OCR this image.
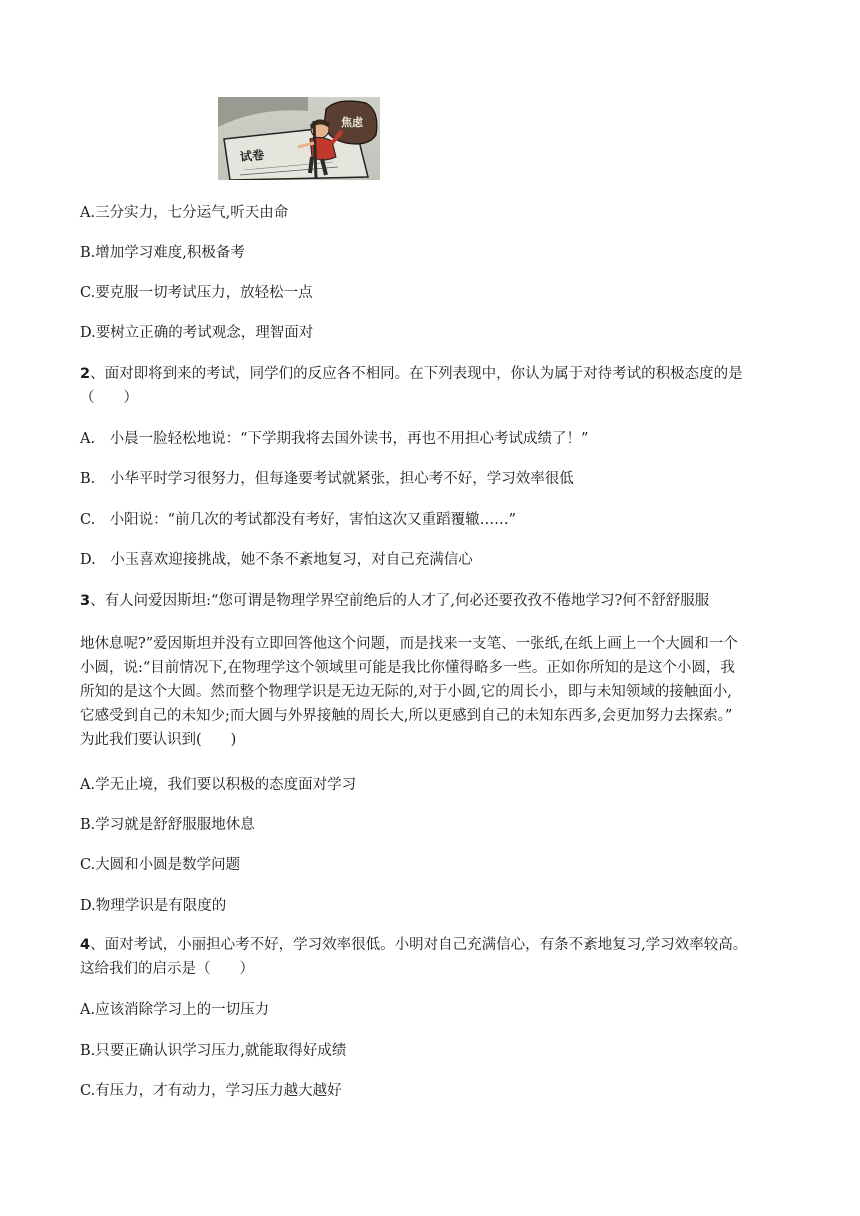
试卷
焦虑
A.三分实力，七分运气,听天由命
B.增加学习难度,积极备考
C.要克服一切考试压力，放轻松一点
D.要树立正确的考试观念，理智面对
2、面对即将到来的考试，同学们的反应各不相同。在下列表现中，你认为属于对待考试的积极态度的是
（　　）
A.　小晨一脸轻松地说：“下学期我将去国外读书，再也不用担心考试成绩了！”
B.　小华平时学习很努力，但每逢要考试就紧张，担心考不好，学习效率很低
C.　小阳说：“前几次的考试都没有考好，害怕这次又重蹈覆辙……”
D.　小玉喜欢迎接挑战，她不条不紊地复习，对自己充满信心
3、有人问爱因斯坦:“您可谓是物理学界空前绝后的人才了,何必还要孜孜不倦地学习?何不舒舒服服
地休息呢?”爱因斯坦并没有立即回答他这个问题，而是找来一支笔、一张纸,在纸上画上一个大圆和一个
小圆，说:“目前情况下,在物理学这个领域里可能是我比你懂得略多一些。正如你所知的是这个小圆，我
所知的是这个大圆。然而整个物理学识是无边无际的,对于小圆,它的周长小，即与未知领域的接触面小,
它感受到自己的未知少;而大圆与外界接触的周长大,所以更感到自己的未知东西多,会更加努力去探索。”
为此我们要认识到(　　)
A.学无止境，我们要以积极的态度面对学习
B.学习就是舒舒服服地休息
C.大圆和小圆是数学问题
D.物理学识是有限度的
4、面对考试，小丽担心考不好，学习效率很低。小明对自己充满信心，有条不紊地复习,学习效率较高。
这给我们的启示是（　　）
A.应该消除学习上的一切压力
B.只要正确认识学习压力,就能取得好成绩
C.有压力，才有动力，学习压力越大越好
